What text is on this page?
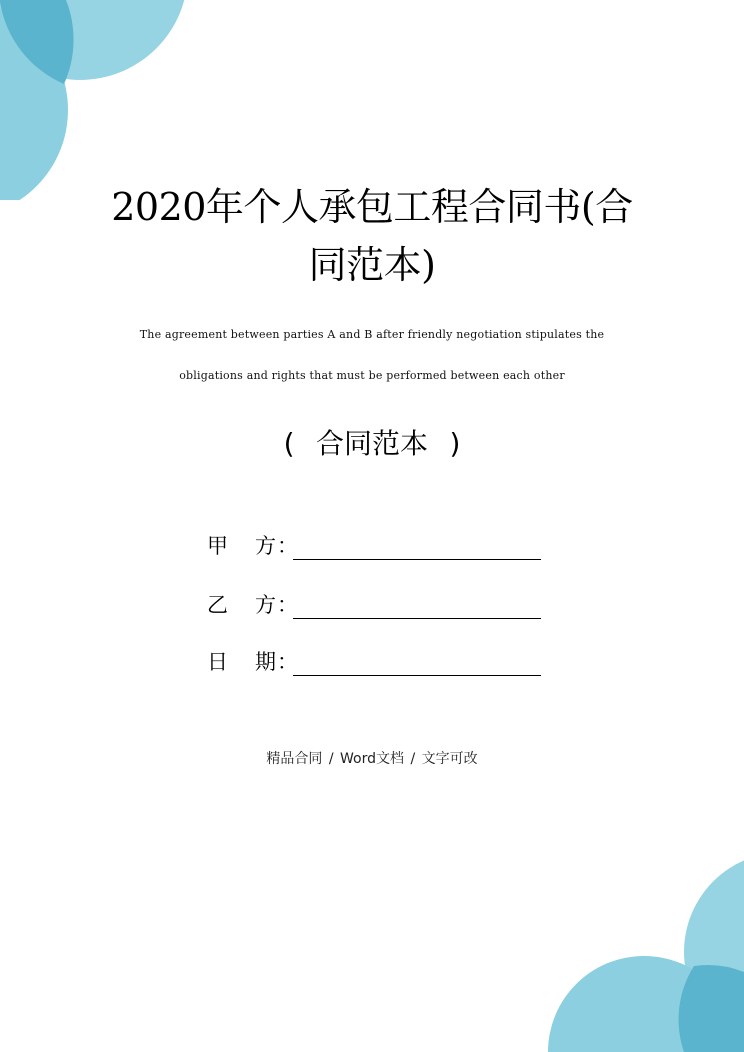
2020年个人承包工程合同书(合
同范本)
The agreement between parties A and B after friendly negotiation stipulates the
obligations and rights that must be performed between each other
( 合同范本 )
甲	方 ：
乙	方 ：
日	期 ：
精品合同 / Word文档 / 文字可改
